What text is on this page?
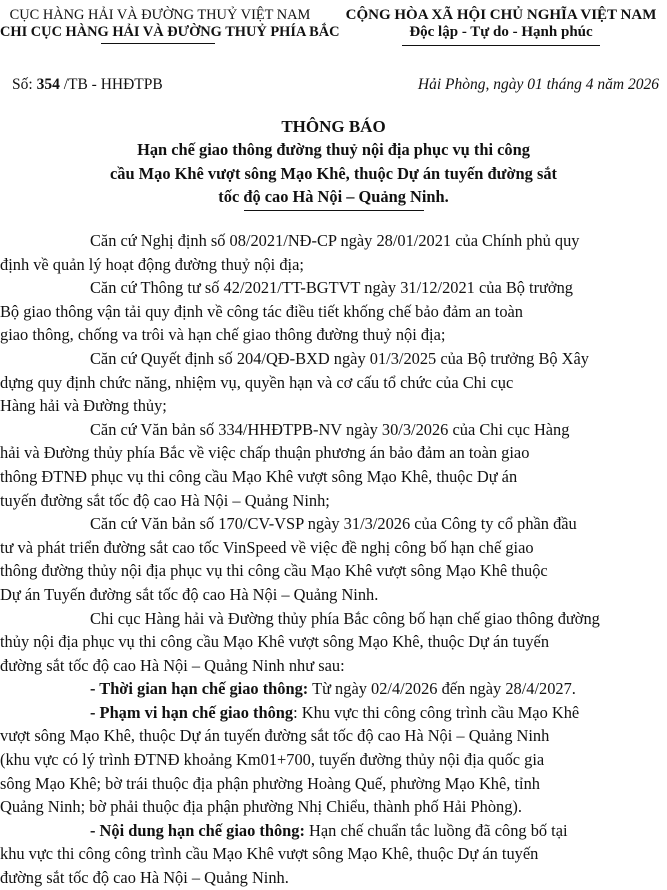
CỤC HÀNG HẢI VÀ ĐƯỜNG THUỶ VIỆT NAM
CHI CỤC HÀNG HẢI VÀ ĐƯỜNG THUỶ PHÍA BẮC
CỘNG HÒA XÃ HỘI CHỦ NGHĨA VIỆT NAM
Độc lập - Tự do - Hạnh phúc
Số: 354 /TB - HHĐTPB	Hải Phòng, ngày 01 tháng 4 năm 2026
THÔNG BÁO
Hạn chế giao thông đường thuỷ nội địa phục vụ thi công
cầu Mạo Khê vượt sông Mạo Khê, thuộc Dự án tuyến đường sắt
tốc độ cao Hà Nội – Quảng Ninh.
Căn cứ Nghị định số 08/2021/NĐ-CP ngày 28/01/2021 của Chính phủ quy
định về quản lý hoạt động đường thuỷ nội địa;
Căn cứ Thông tư số 42/2021/TT-BGTVT ngày 31/12/2021 của Bộ trưởng
Bộ giao thông vận tải quy định về công tác điều tiết khống chế bảo đảm an toàn
giao thông, chống va trôi và hạn chế giao thông đường thuỷ nội địa;
Căn cứ Quyết định số 204/QĐ-BXD ngày 01/3/2025 của Bộ trưởng Bộ Xây
dựng quy định chức năng, nhiệm vụ, quyền hạn và cơ cấu tổ chức của Chi cục
Hàng hải và Đường thủy;
Căn cứ Văn bản số 334/HHĐTPB-NV ngày 30/3/2026 của Chi cục Hàng
hải và Đường thủy phía Bắc về việc chấp thuận phương án bảo đảm an toàn giao
thông ĐTNĐ phục vụ thi công cầu Mạo Khê vượt sông Mạo Khê, thuộc Dự án
tuyến đường sắt tốc độ cao Hà Nội – Quảng Ninh;
Căn cứ Văn bản số 170/CV-VSP ngày 31/3/2026 của Công ty cổ phần đầu
tư và phát triển đường sắt cao tốc VinSpeed về việc đề nghị công bố hạn chế giao
thông đường thủy nội địa phục vụ thi công cầu Mạo Khê vượt sông Mạo Khê thuộc
Dự án Tuyến đường sắt tốc độ cao Hà Nội – Quảng Ninh.
Chi cục Hàng hải và Đường thủy phía Bắc công bố hạn chế giao thông đường
thủy nội địa phục vụ thi công cầu Mạo Khê vượt sông Mạo Khê, thuộc Dự án tuyến
đường sắt tốc độ cao Hà Nội – Quảng Ninh như sau:
- Thời gian hạn chế giao thông: Từ ngày 02/4/2026 đến ngày 28/4/2027.
- Phạm vi hạn chế giao thông: Khu vực thi công công trình cầu Mạo Khê
vượt sông Mạo Khê, thuộc Dự án tuyến đường sắt tốc độ cao Hà Nội – Quảng Ninh
(khu vực có lý trình ĐTNĐ khoảng Km01+700, tuyến đường thủy nội địa quốc gia
sông Mạo Khê; bờ trái thuộc địa phận phường Hoàng Quế, phường Mạo Khê, tỉnh
Quảng Ninh; bờ phải thuộc địa phận phường Nhị Chiểu, thành phố Hải Phòng).
- Nội dung hạn chế giao thông: Hạn chế chuẩn tắc luồng đã công bố tại
khu vực thi công công trình cầu Mạo Khê vượt sông Mạo Khê, thuộc Dự án tuyến
đường sắt tốc độ cao Hà Nội – Quảng Ninh.
